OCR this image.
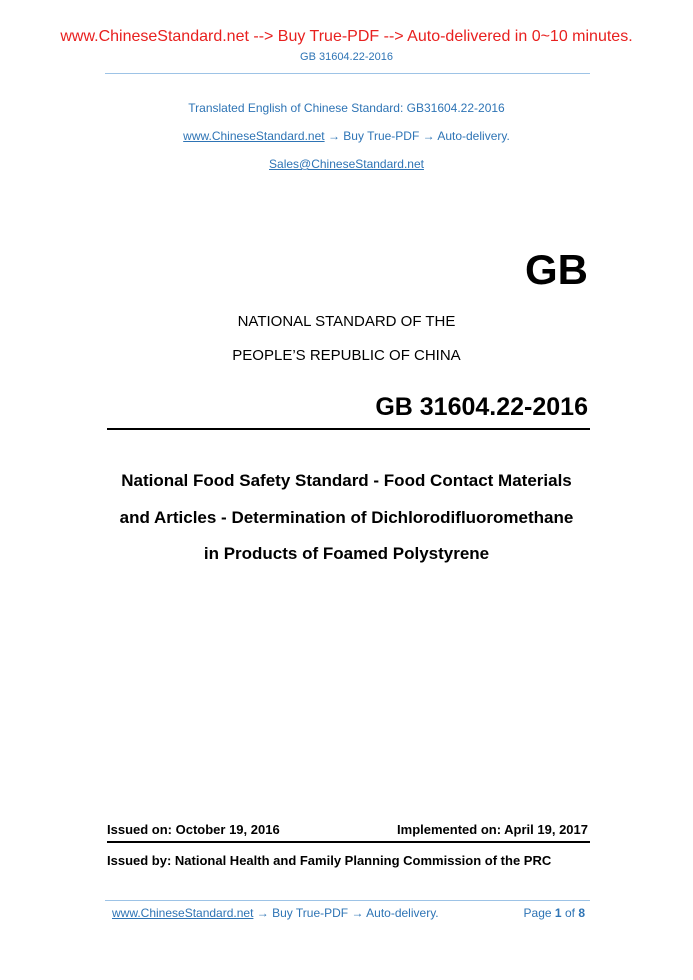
www.ChineseStandard.net --> Buy True-PDF --> Auto-delivered in 0~10 minutes.
GB 31604.22-2016
Translated English of Chinese Standard: GB31604.22-2016
www.ChineseStandard.net → Buy True-PDF → Auto-delivery.
Sales@ChineseStandard.net
GB
NATIONAL STANDARD OF THE
PEOPLE’S REPUBLIC OF CHINA
GB 31604.22-2016
National Food Safety Standard - Food Contact Materials
and Articles - Determination of Dichlorodifluoromethane
in Products of Foamed Polystyrene
Issued on: October 19, 2016	Implemented on: April 19, 2017
Issued by: National Health and Family Planning Commission of the PRC
www.ChineseStandard.net → Buy True-PDF → Auto-delivery.	Page 1 of 8
